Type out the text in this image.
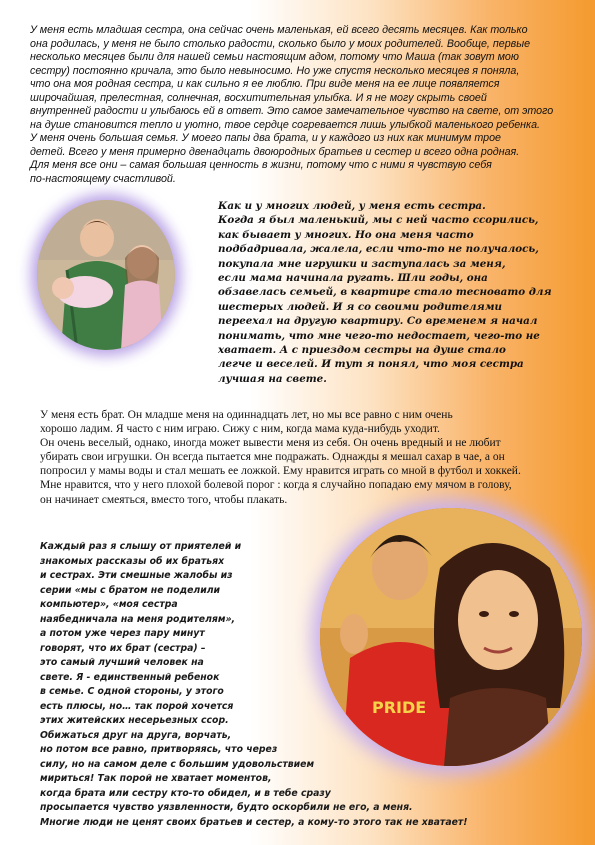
У меня есть младшая сестра, она сейчас очень маленькая, ей всего десять месяцев. Как только
она родилась, у меня не было столько радости, сколько было у моих родителей. Вообще, первые
несколько месяцев были для нашей семьи настоящим адом, потому что Маша (так зовут мою
сестру) постоянно кричала, это было невыносимо. Но уже спустя несколько месяцев я поняла,
что она моя родная сестра, и как сильно я ее люблю. При виде меня на ее лице появляется
широчайшая, прелестная, солнечная, восхитительная улыбка. И я не могу скрыть своей
внутренней радости и улыбаюсь ей в ответ. Это самое замечательное чувство на свете, от этого
на душе становится тепло и уютно, твое сердце согревается лишь улыбкой маленького ребенка.
У меня очень большая семья. У моего папы два брата, и у каждого из них как минимум трое
детей. Всего у меня примерно двенадцать двоюродных братьев и сестер и всего одна родная.
Для меня все они – самая большая ценность в жизни, потому что с ними я чувствую себя
по-настоящему счастливой.
Как и у многих людей, у меня есть сестра.
Когда я был маленький, мы с ней часто ссорились,
как бывает у многих. Но она меня часто
подбадривала, жалела, если что-то не получалось,
покупала мне игрушки и заступалась за меня,
если мама начинала ругать. Шли годы, она
обзавелась семьей, в квартире стало тесновато для
шестерых людей. И я со своими родителями
переехал на другую квартиру. Со временем я начал
понимать, что мне чего-то недостает, чего-то не
хватает. А с приездом сестры на душе стало
легче и веселей. И тут я понял, что моя сестра
лучшая на свете.
У меня есть брат. Он младше меня на одиннадцать лет, но мы все равно с ним очень
хорошо ладим. Я часто с ним играю. Сижу с ним, когда мама куда-нибудь уходит.
Он очень веселый, однако, иногда может вывести меня из себя. Он очень вредный и не любит
убирать свои игрушки. Он всегда пытается мне подражать. Однажды я мешал сахар в чае, а он
попросил у мамы воды и стал мешать ее ложкой. Ему нравится играть со мной в футбол и хоккей.
Мне нравится, что у него плохой болевой порог : когда я случайно попадаю ему мячом в голову,
он начинает смеяться, вместо того, чтобы плакать.
PRIDE
Каждый раз я слышу от приятелей и
знакомых рассказы об их братьях
и сестрах. Эти смешные жалобы из
серии «мы с братом не поделили
компьютер», «моя сестра
наябедничала на меня родителям»,
а потом уже через пару минут
говорят, что их брат (сестра) –
это самый лучший человек на
свете. Я - единственный ребенок
в семье. С одной стороны, у этого
есть плюсы, но… так порой хочется
этих житейских несерьезных ссор.
Обижаться друг на друга, ворчать,
но потом все равно, притворяясь, что через
силу, но на самом деле с большим удовольствием
мириться! Так порой не хватает моментов,
когда брата или сестру кто-то обидел, и в тебе сразу
просыпается чувство уязвленности, будто оскорбили не его, а меня.
Многие люди не ценят своих братьев и сестер, а кому-то этого так не хватает!
